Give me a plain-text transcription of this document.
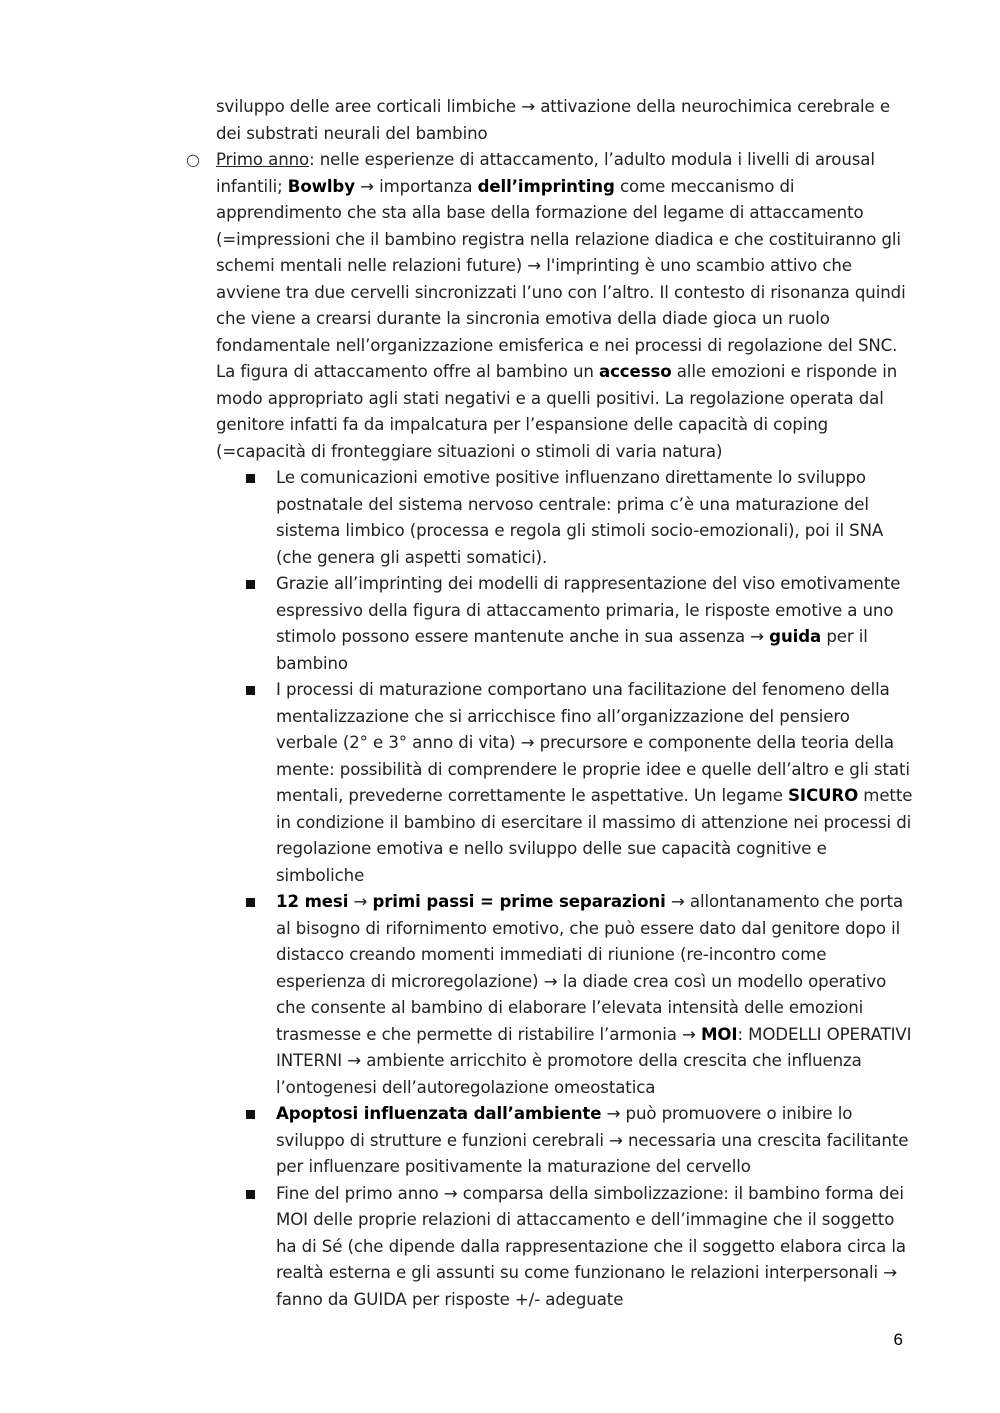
sviluppo delle aree corticali limbiche → attivazione della neurochimica cerebrale e dei substrati neurali del bambino

○ Primo anno: nelle esperienze di attaccamento, l’adulto modula i livelli di arousal infantili; Bowlby → importanza dell’imprinting come meccanismo di apprendimento che sta alla base della formazione del legame di attaccamento (=impressioni che il bambino registra nella relazione diadica e che costituiranno gli schemi mentali nelle relazioni future) → l'imprinting è uno scambio attivo che avviene tra due cervelli sincronizzati l’uno con l’altro. Il contesto di risonanza quindi che viene a crearsi durante la sincronia emotiva della diade gioca un ruolo fondamentale nell’organizzazione emisferica e nei processi di regolazione del SNC. La figura di attaccamento offre al bambino un accesso alle emozioni e risponde in modo appropriato agli stati negativi e a quelli positivi. La regolazione operata dal genitore infatti fa da impalcatura per l’espansione delle capacità di coping (=capacità di fronteggiare situazioni o stimoli di varia natura)
Le comunicazioni emotive positive influenzano direttamente lo sviluppo postnatale del sistema nervoso centrale: prima c’è una maturazione del sistema limbico (processa e regola gli stimoli socio-emozionali), poi il SNA (che genera gli aspetti somatici).
Grazie all’imprinting dei modelli di rappresentazione del viso emotivamente espressivo della figura di attaccamento primaria, le risposte emotive a uno stimolo possono essere mantenute anche in sua assenza → guida per il bambino
I processi di maturazione comportano una facilitazione del fenomeno della mentalizzazione che si arricchisce fino all’organizzazione del pensiero verbale (2° e 3° anno di vita) → precursore e componente della teoria della mente: possibilità di comprendere le proprie idee e quelle dell’altro e gli stati mentali, prevederne correttamente le aspettative. Un legame SICURO mette in condizione il bambino di esercitare il massimo di attenzione nei processi di regolazione emotiva e nello sviluppo delle sue capacità cognitive e simboliche
12 mesi → primi passi = prime separazioni → allontanamento che porta al bisogno di rifornimento emotivo, che può essere dato dal genitore dopo il distacco creando momenti immediati di riunione (re-incontro come esperienza di microregolazione) → la diade crea così un modello operativo che consente al bambino di elaborare l’elevata intensità delle emozioni trasmesse e che permette di ristabilire l’armonia → MOI: MODELLI OPERATIVI INTERNI → ambiente arricchito è promotore della crescita che influenza l’ontogenesi dell’autoregolazione omeostatica
Apoptosi influenzata dall’ambiente → può promuovere o inibire lo sviluppo di strutture e funzioni cerebrali → necessaria una crescita facilitante per influenzare positivamente la maturazione del cervello
Fine del primo anno → comparsa della simbolizzazione: il bambino forma dei MOI delle proprie relazioni di attaccamento e dell’immagine che il soggetto ha di Sé (che dipende dalla rappresentazione che il soggetto elabora circa la realtà esterna e gli assunti su come funzionano le relazioni interpersonali → fanno da GUIDA per risposte +/- adeguate
6
